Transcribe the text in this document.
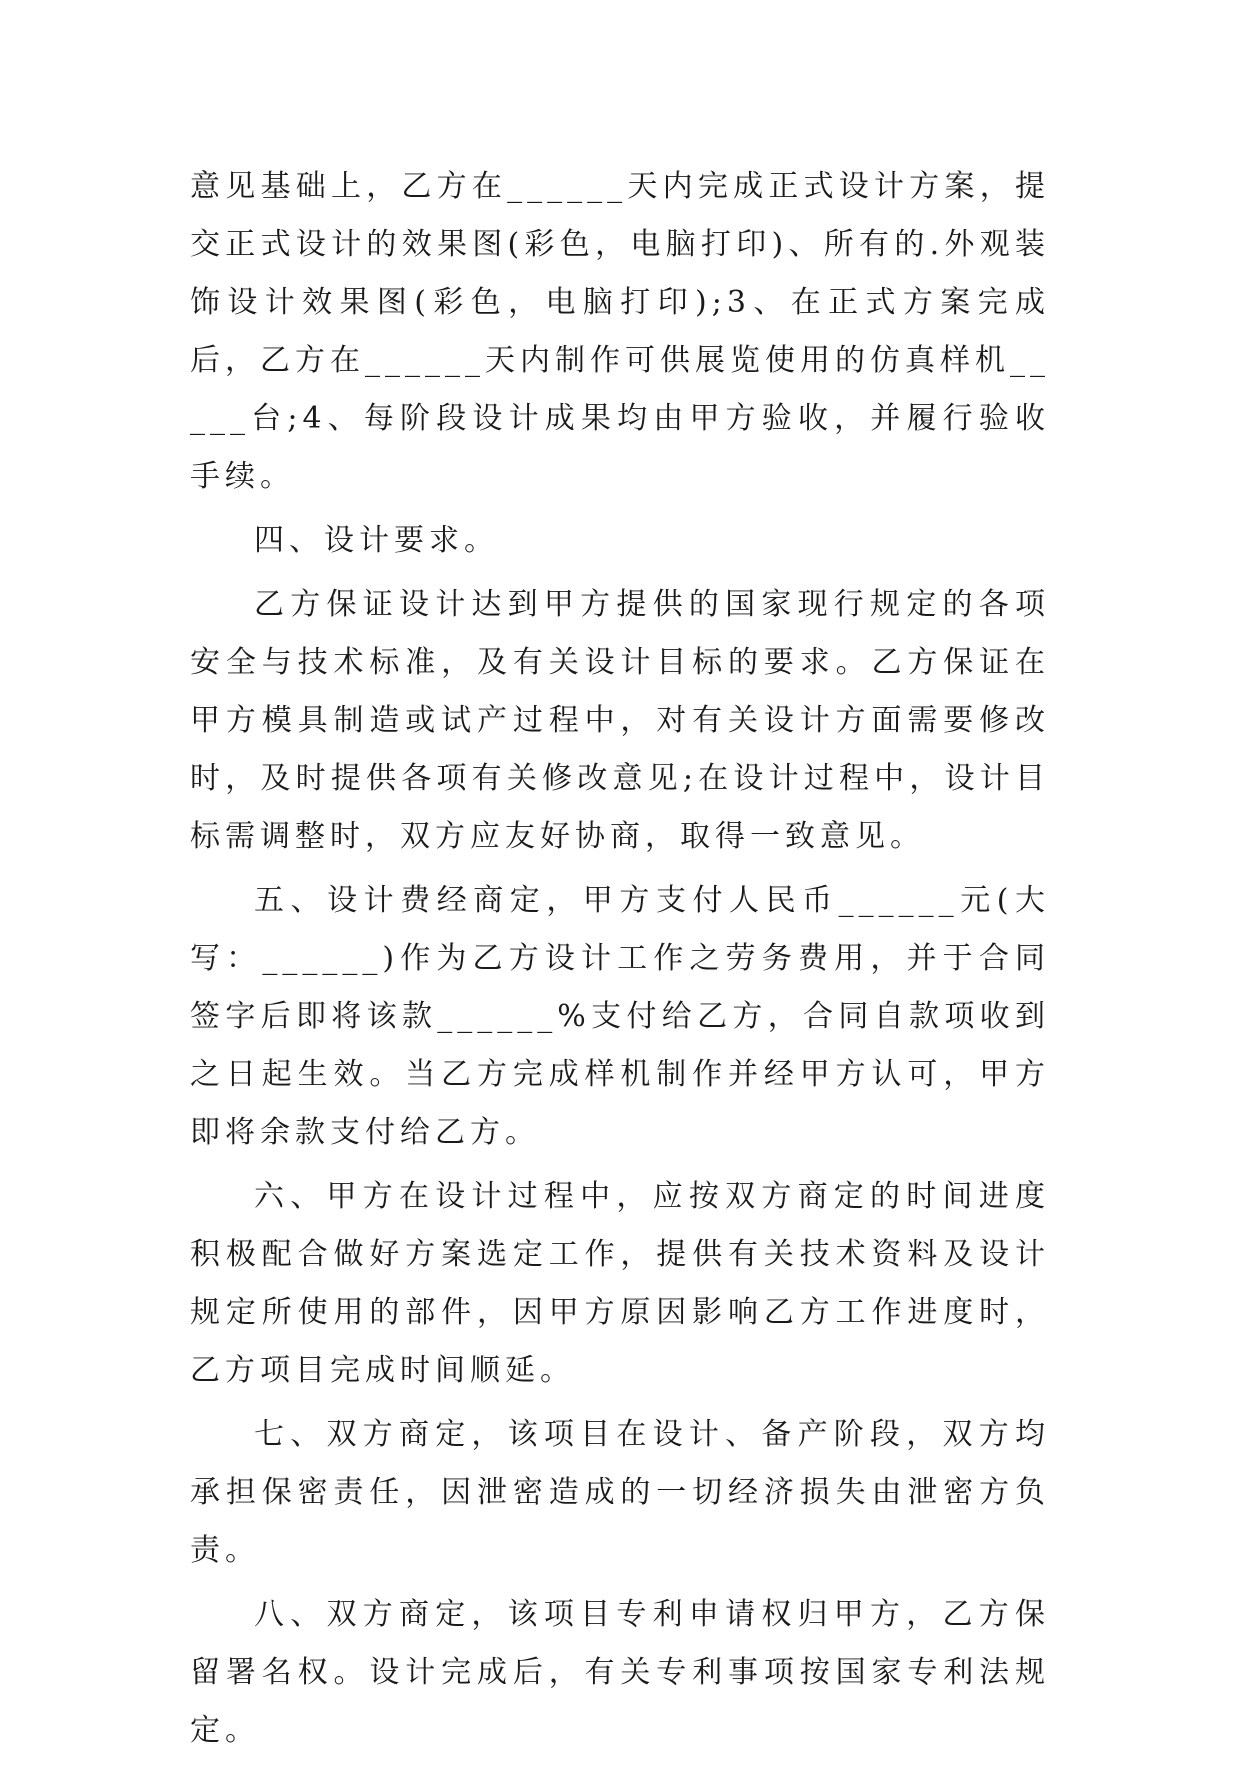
意见基础上，乙方在______天内完成正式设计方案，提交正式设计的效果图(彩色，电脑打印)、所有的.外观装饰设计效果图(彩色，电脑打印);3、在正式方案完成后，乙方在______天内制作可供展览使用的仿真样机_____台;4、每阶段设计成果均由甲方验收，并履行验收手续。

四、设计要求。

乙方保证设计达到甲方提供的国家现行规定的各项安全与技术标准，及有关设计目标的要求。乙方保证在甲方模具制造或试产过程中，对有关设计方面需要修改时，及时提供各项有关修改意见;在设计过程中，设计目标需调整时，双方应友好协商，取得一致意见。

五、设计费经商定，甲方支付人民币______元(大写：______)作为乙方设计工作之劳务费用，并于合同签字后即将该款______%支付给乙方，合同自款项收到之日起生效。当乙方完成样机制作并经甲方认可，甲方即将余款支付给乙方。

六、甲方在设计过程中，应按双方商定的时间进度积极配合做好方案选定工作，提供有关技术资料及设计规定所使用的部件，因甲方原因影响乙方工作进度时，乙方项目完成时间顺延。

七、双方商定，该项目在设计、备产阶段，双方均承担保密责任，因泄密造成的一切经济损失由泄密方负责。

八、双方商定，该项目专利申请权归甲方，乙方保留署名权。设计完成后，有关专利事项按国家专利法规定。
